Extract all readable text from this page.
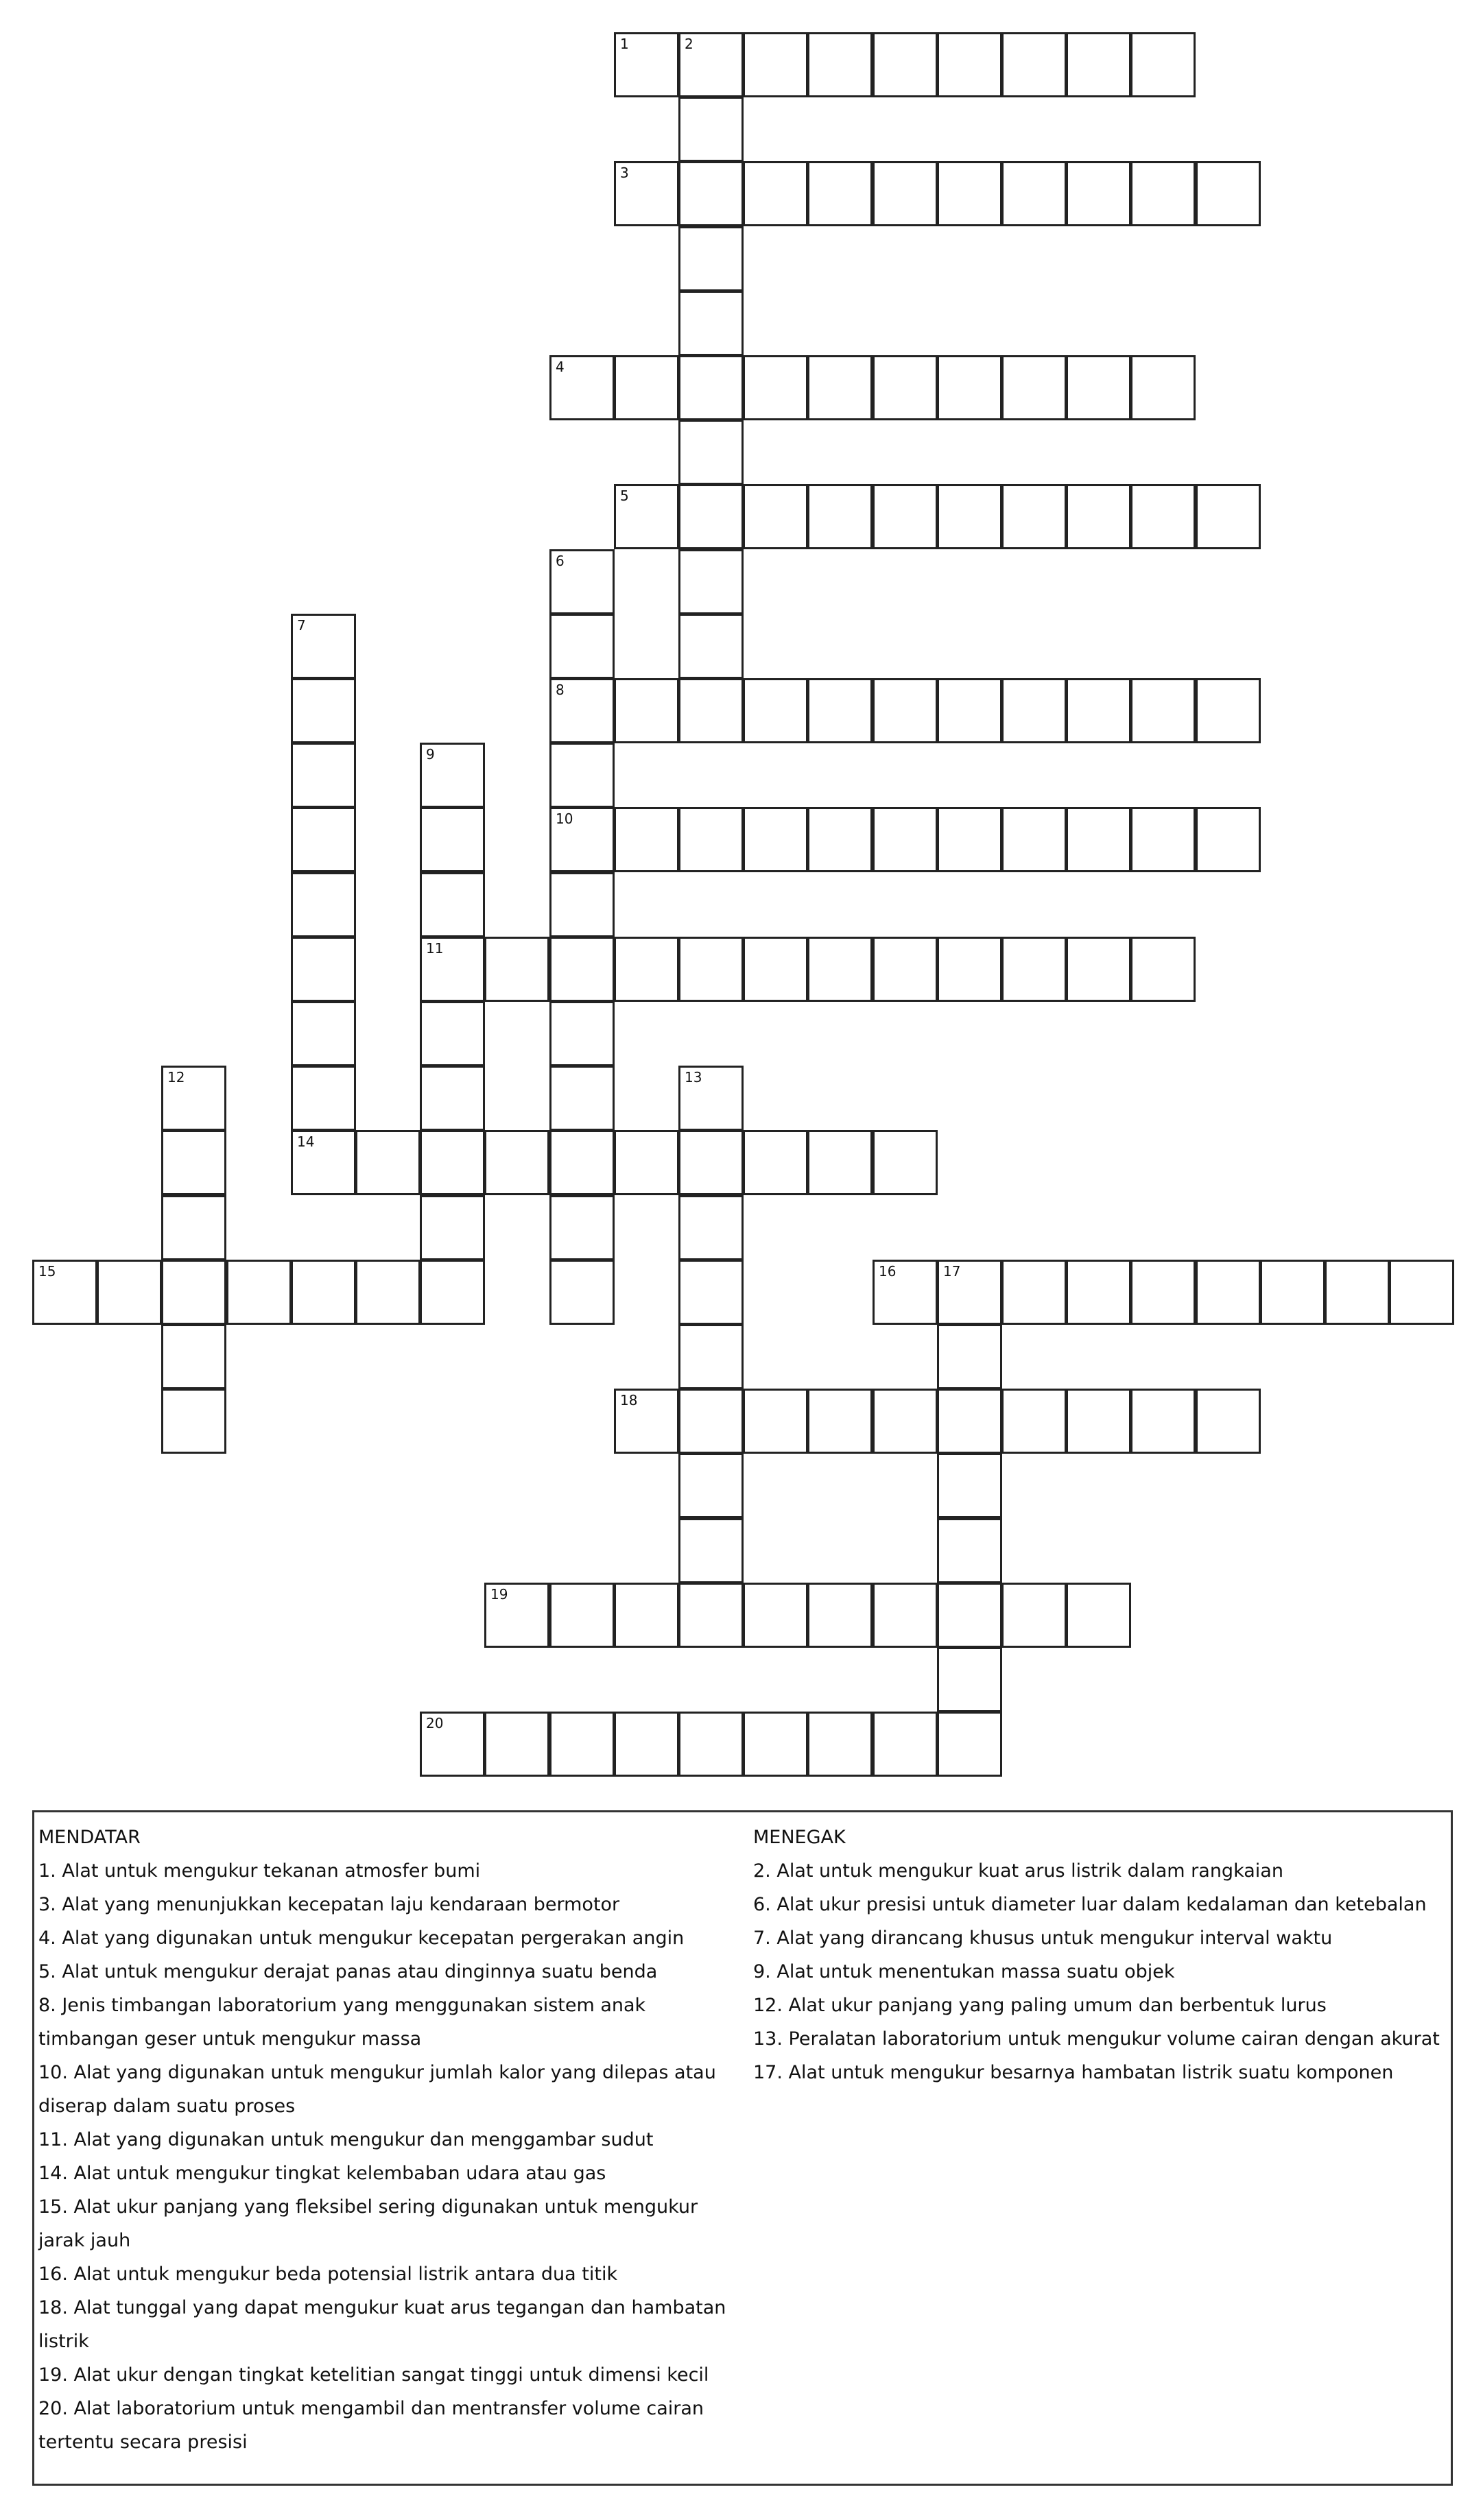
1	2
3
4
5
8
10
11
14
15	16	17
18
19
20
6
7
9
12	13
MENDATAR

1. Alat untuk mengukur tekanan atmosfer bumi

3. Alat yang menunjukkan kecepatan laju kendaraan bermotor

4. Alat yang digunakan untuk mengukur kecepatan pergerakan angin

5. Alat untuk mengukur derajat panas atau dinginnya suatu benda

8. Jenis timbangan laboratorium yang menggunakan sistem anak timbangan geser untuk mengukur massa

10. Alat yang digunakan untuk mengukur jumlah kalor yang dilepas atau diserap dalam suatu proses

11. Alat yang digunakan untuk mengukur dan menggambar sudut

14. Alat untuk mengukur tingkat kelembaban udara atau gas

15. Alat ukur panjang yang fleksibel sering digunakan untuk mengukur jarak jauh

16. Alat untuk mengukur beda potensial listrik antara dua titik

18. Alat tunggal yang dapat mengukur kuat arus tegangan dan hambatan listrik

19. Alat ukur dengan tingkat ketelitian sangat tinggi untuk dimensi kecil

20. Alat laboratorium untuk mengambil dan mentransfer volume cairan tertentu secara presisi

MENEGAK

2. Alat untuk mengukur kuat arus listrik dalam rangkaian

6. Alat ukur presisi untuk diameter luar dalam kedalaman dan ketebalan

7. Alat yang dirancang khusus untuk mengukur interval waktu

9. Alat untuk menentukan massa suatu objek

12. Alat ukur panjang yang paling umum dan berbentuk lurus

13. Peralatan laboratorium untuk mengukur volume cairan dengan akurat

17. Alat untuk mengukur besarnya hambatan listrik suatu komponen
